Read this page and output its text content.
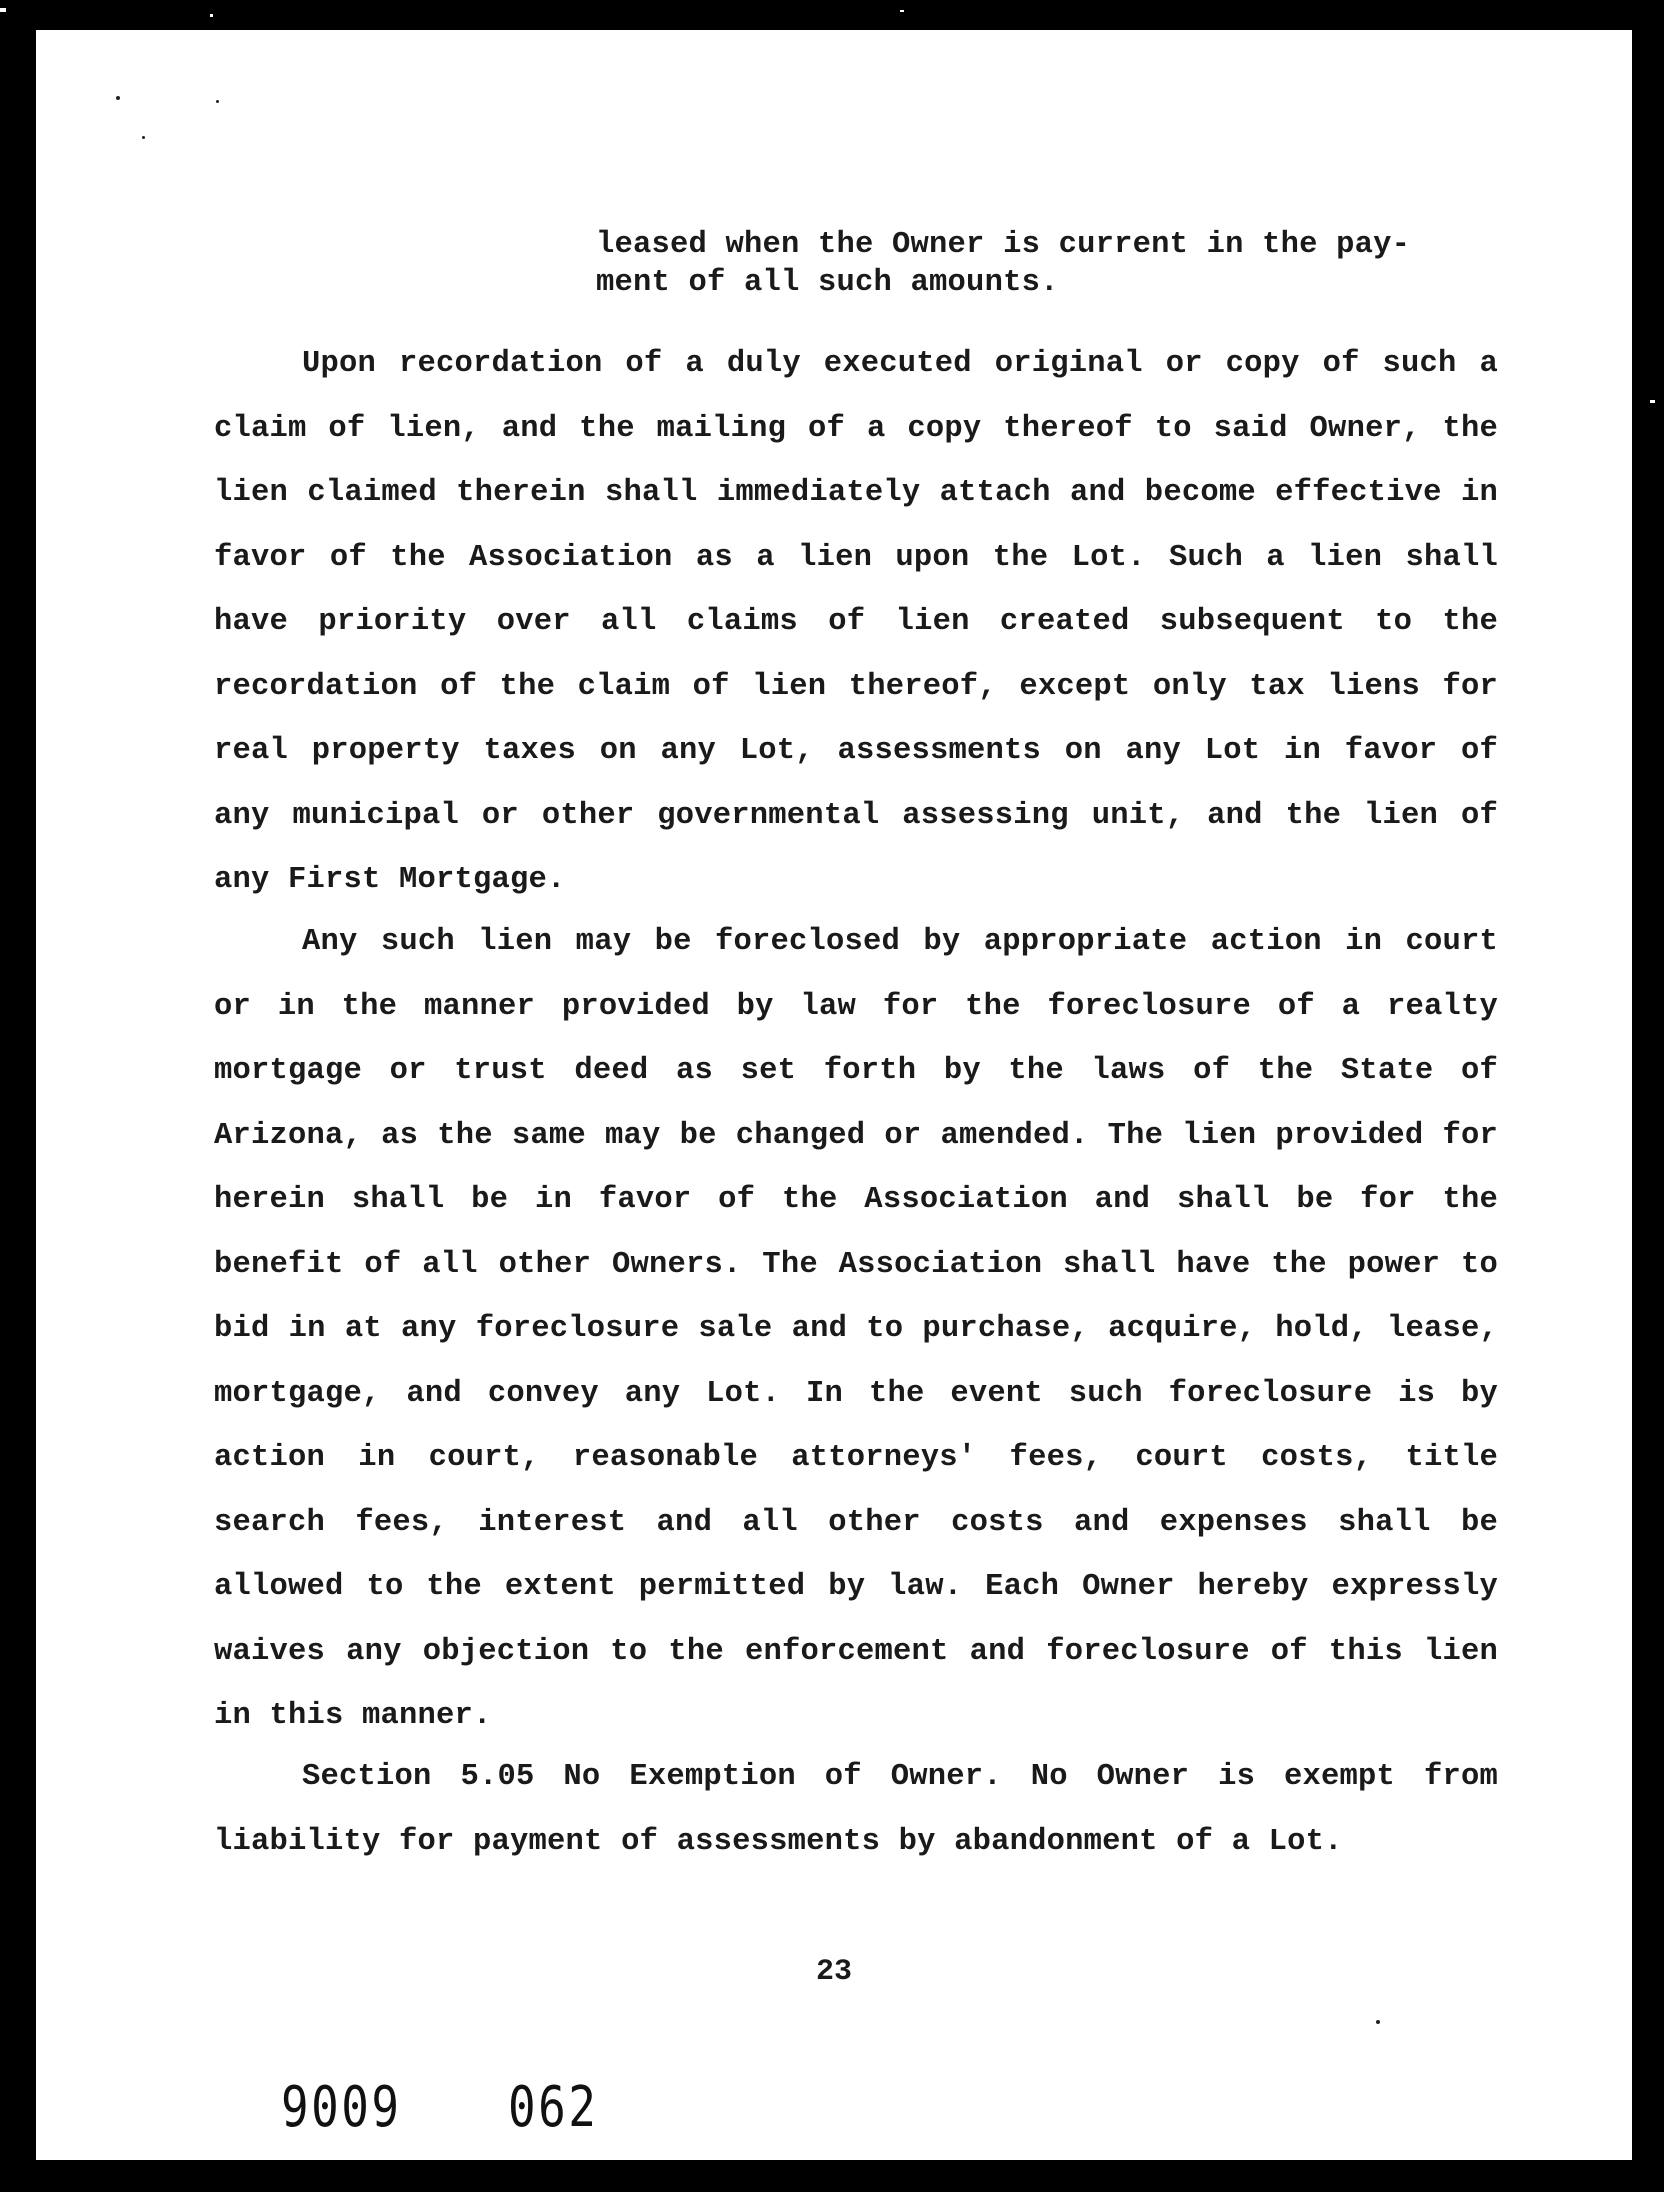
leased when the Owner is current in the pay-
ment of all such amounts.
Upon recordation of a duly executed original or copy of such a claim of lien, and the mailing of a copy thereof to said Owner, the lien claimed therein shall immediately attach and become effective in favor of the Association as a lien upon the Lot. Such a lien shall have priority over all claims of lien created subsequent to the recordation of the claim of lien thereof, except only tax liens for real property taxes on any Lot, assessments on any Lot in favor of any municipal or other governmental assessing unit, and the lien of any First Mortgage.
Any such lien may be foreclosed by appropriate action in court or in the manner provided by law for the foreclosure of a realty mortgage or trust deed as set forth by the laws of the State of Arizona, as the same may be changed or amended. The lien provided for herein shall be in favor of the Association and shall be for the benefit of all other Owners. The Association shall have the power to bid in at any foreclosure sale and to purchase, acquire, hold, lease, mortgage, and convey any Lot. In the event such foreclosure is by action in court, reasonable attorneys' fees, court costs, title search fees, interest and all other costs and expenses shall be allowed to the extent permitted by law. Each Owner hereby expressly waives any objection to the enforcement and foreclosure of this lien in this manner.
Section 5.05 No Exemption of Owner. No Owner is exempt from liability for payment of assessments by abandonment of a Lot.
23
9009 062
